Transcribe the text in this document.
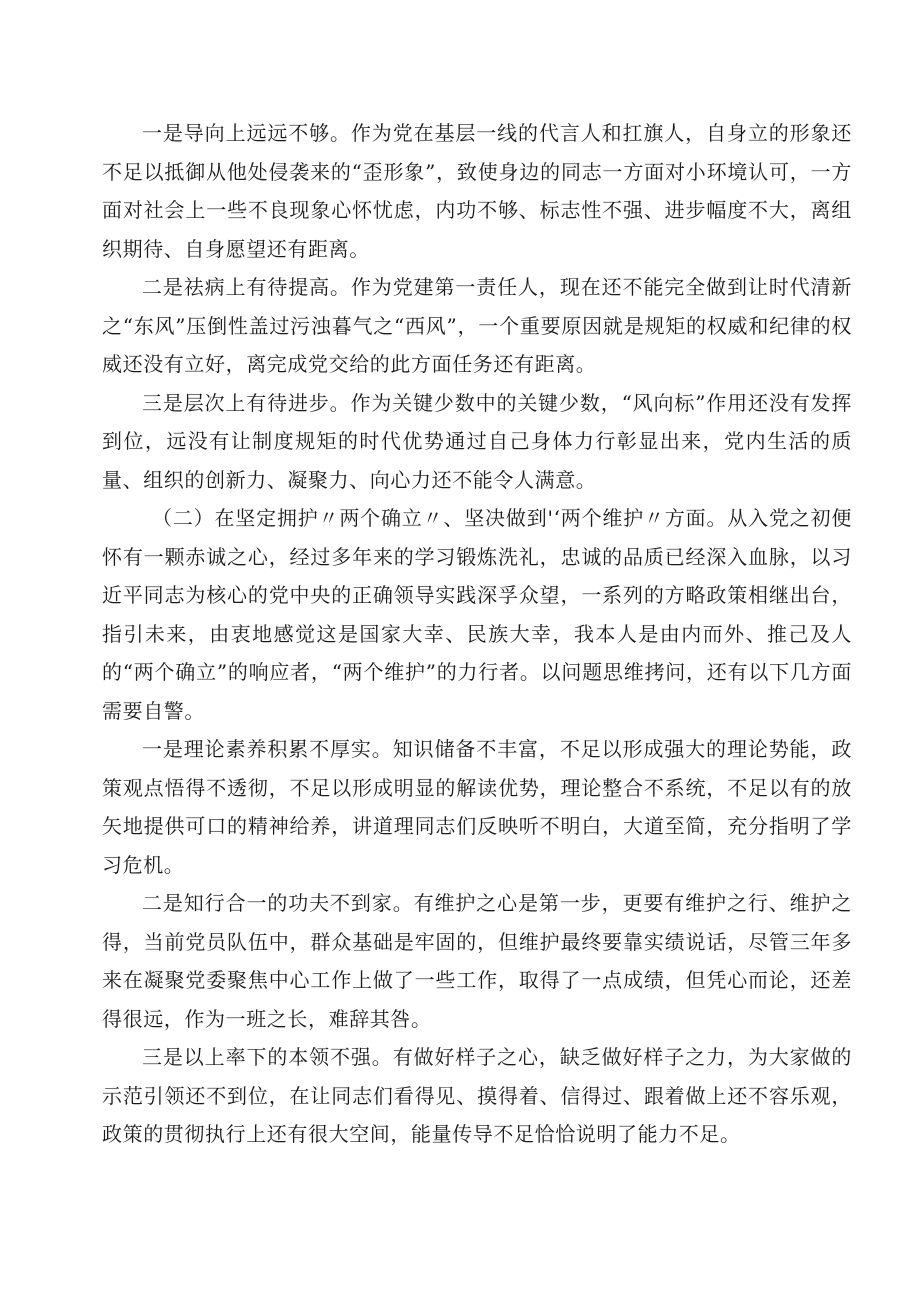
一是导向上远远不够。作为党在基层一线的代言人和扛旗人，自身立的形象还不足以抵御从他处侵袭来的“歪形象”，致使身边的同志一方面对小环境认可，一方面对社会上一些不良现象心怀忧虑，内功不够、标志性不强、进步幅度不大，离组织期待、自身愿望还有距离。

二是祛病上有待提高。作为党建第一责任人，现在还不能完全做到让时代清新之“东风”压倒性盖过污浊暮气之“西风”，一个重要原因就是规矩的权威和纪律的权威还没有立好，离完成党交给的此方面任务还有距离。

三是层次上有待进步。作为关键少数中的关键少数，“风向标”作用还没有发挥到位，远没有让制度规矩的时代优势通过自己身体力行彰显出来，党内生活的质量、组织的创新力、凝聚力、向心力还不能令人满意。

（二）在坚定拥护〃两个确立〃、坚决做到'‘两个维护〃方面。从入党之初便怀有一颗赤诚之心，经过多年来的学习锻炼洗礼，忠诚的品质已经深入血脉，以习近平同志为核心的党中央的正确领导实践深孚众望，一系列的方略政策相继出台，指引未来，由衷地感觉这是国家大幸、民族大幸，我本人是由内而外、推己及人的“两个确立”的响应者，“两个维护”的力行者。以问题思维拷问，还有以下几方面需要自警。

一是理论素养积累不厚实。知识储备不丰富，不足以形成强大的理论势能，政策观点悟得不透彻，不足以形成明显的解读优势，理论整合不系统，不足以有的放矢地提供可口的精神给养，讲道理同志们反映听不明白，大道至简，充分指明了学习危机。

二是知行合一的功夫不到家。有维护之心是第一步，更要有维护之行、维护之得，当前党员队伍中，群众基础是牢固的，但维护最终要靠实绩说话，尽管三年多来在凝聚党委聚焦中心工作上做了一些工作，取得了一点成绩，但凭心而论，还差得很远，作为一班之长，难辞其咎。

三是以上率下的本领不强。有做好样子之心，缺乏做好样子之力，为大家做的示范引领还不到位，在让同志们看得见、摸得着、信得过、跟着做上还不容乐观，政策的贯彻执行上还有很大空间，能量传导不足恰恰说明了能力不足。
